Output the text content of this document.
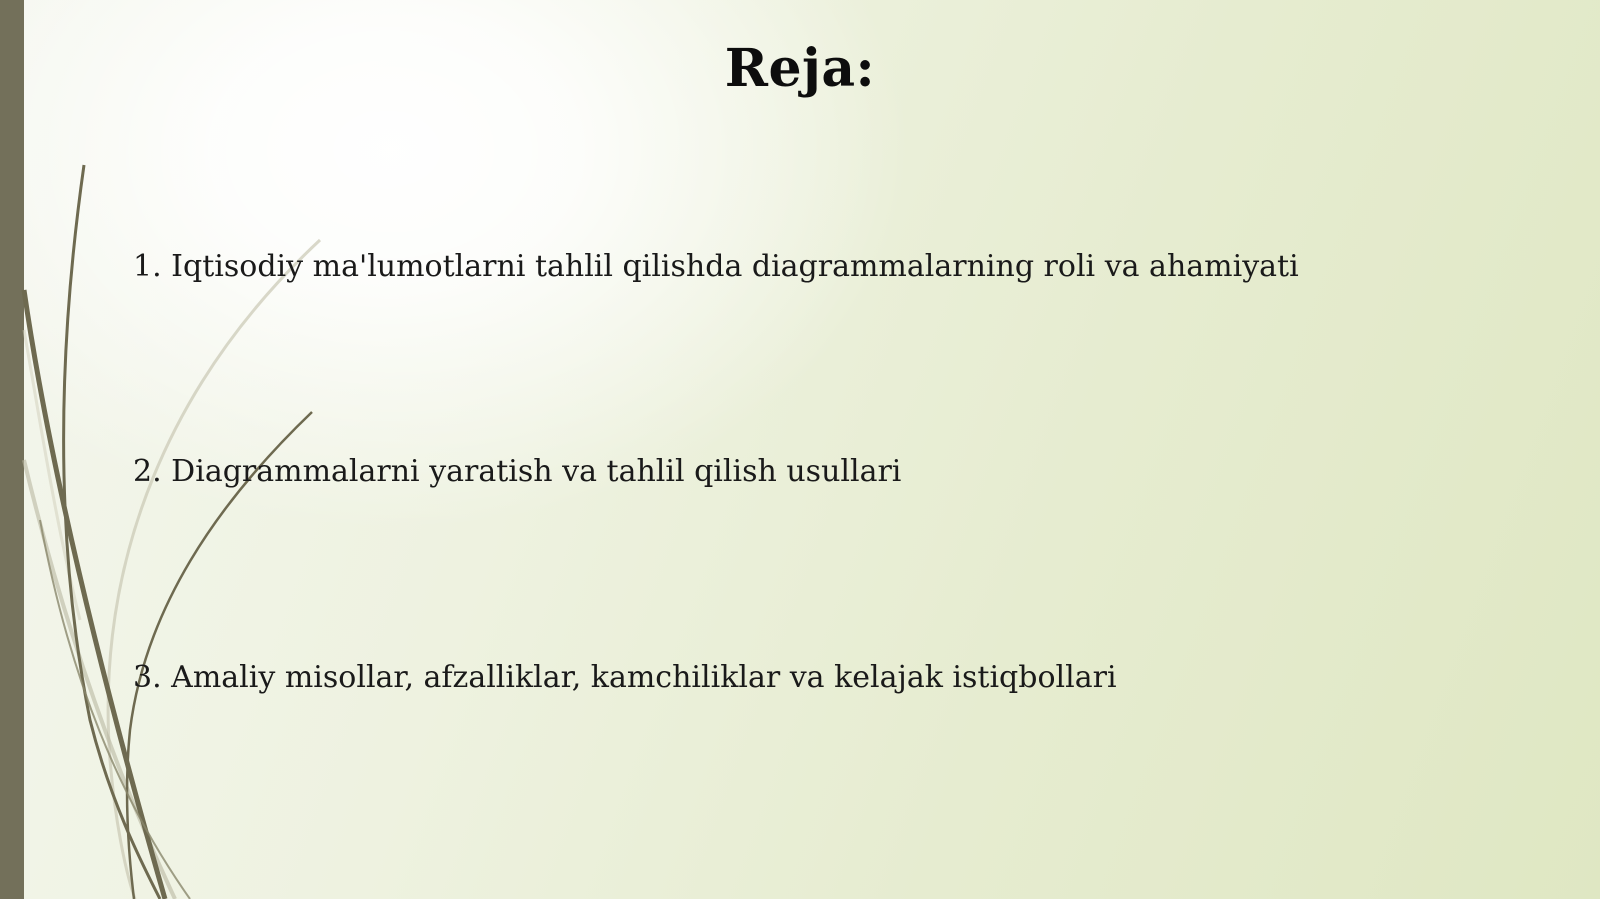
Reja:
1. Iqtisodiy ma'lumotlarni tahlil qilishda diagrammalarning roli va ahamiyati
2. Diagrammalarni yaratish va tahlil qilish usullari
3. Amaliy misollar, afzalliklar, kamchiliklar va kelajak istiqbollari
